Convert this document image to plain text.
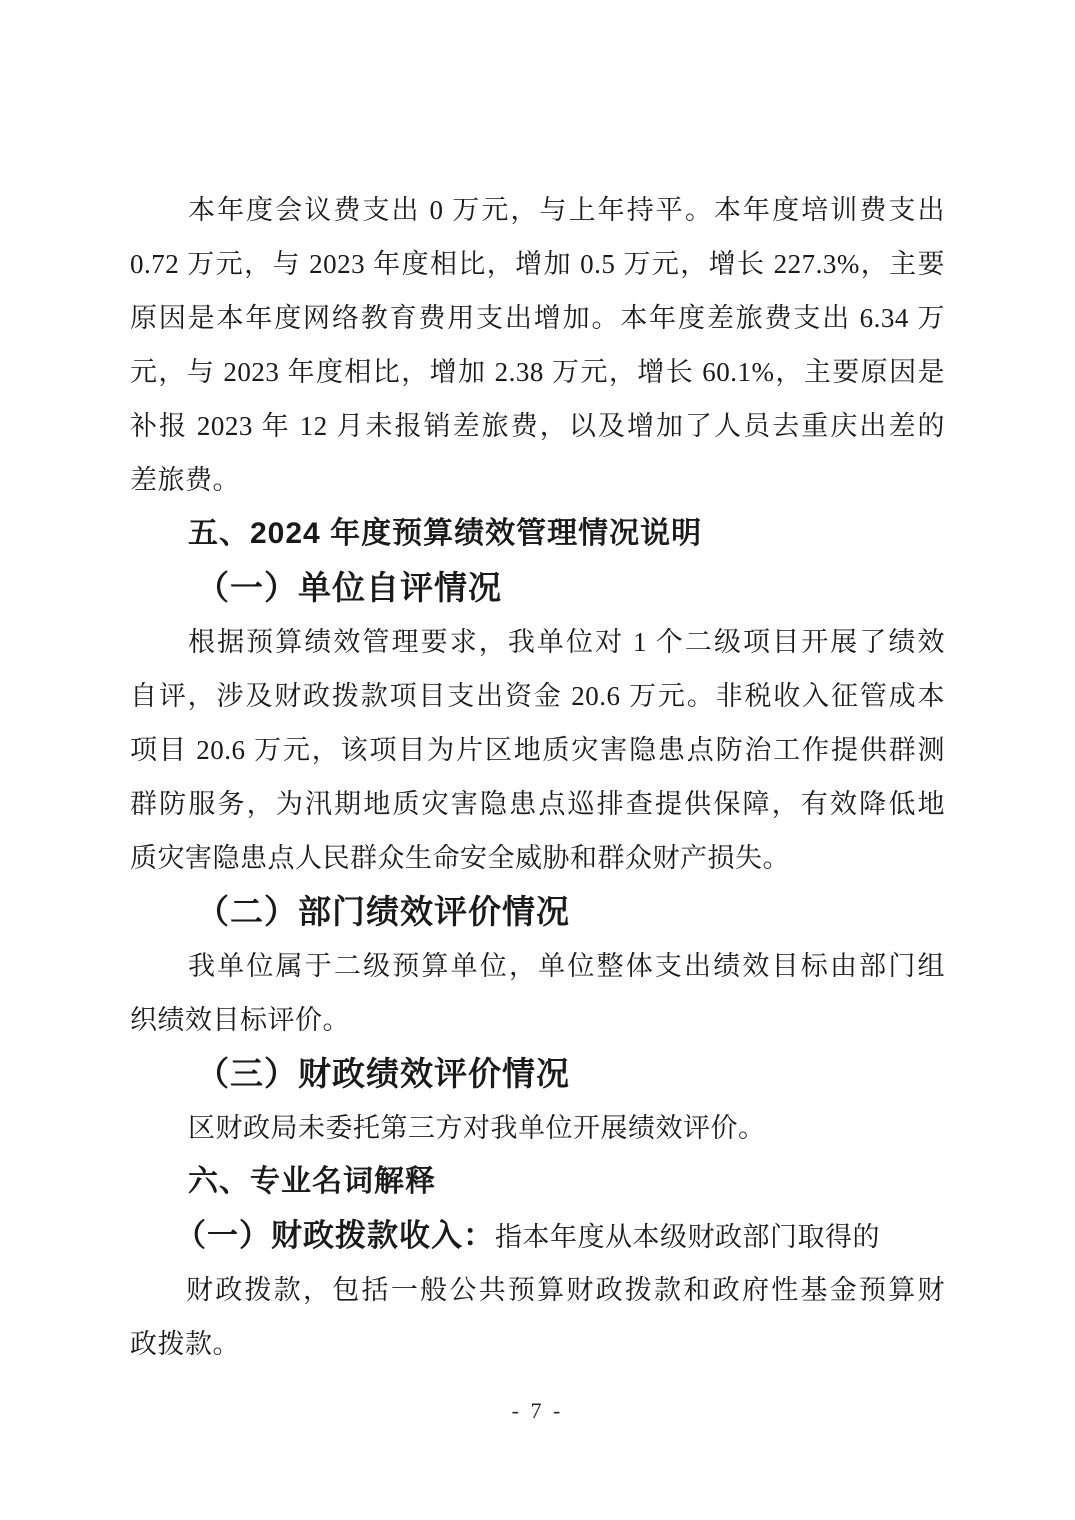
本年度会议费支出 0 万元，与上年持平。本年度培训费支出
0.72 万元，与 2023 年度相比，增加 0.5 万元，增长 227.3%，主要
原因是本年度网络教育费用支出增加。本年度差旅费支出 6.34 万
元，与 2023 年度相比，增加 2.38 万元，增长 60.1%，主要原因是
补报 2023 年 12 月未报销差旅费，以及增加了人员去重庆出差的
差旅费。
五、2024 年度预算绩效管理情况说明
（一）单位自评情况
根据预算绩效管理要求，我单位对 1 个二级项目开展了绩效
自评，涉及财政拨款项目支出资金 20.6 万元。非税收入征管成本
项目 20.6 万元，该项目为片区地质灾害隐患点防治工作提供群测
群防服务，为汛期地质灾害隐患点巡排查提供保障，有效降低地
质灾害隐患点人民群众生命安全威胁和群众财产损失。
（二）部门绩效评价情况
我单位属于二级预算单位，单位整体支出绩效目标由部门组
织绩效目标评价。
（三）财政绩效评价情况
区财政局未委托第三方对我单位开展绩效评价。
六、专业名词解释
（一）财政拨款收入：指本年度从本级财政部门取得的
财政拨款，包括一般公共预算财政拨款和政府性基金预算财
政拨款。
- 7 -
